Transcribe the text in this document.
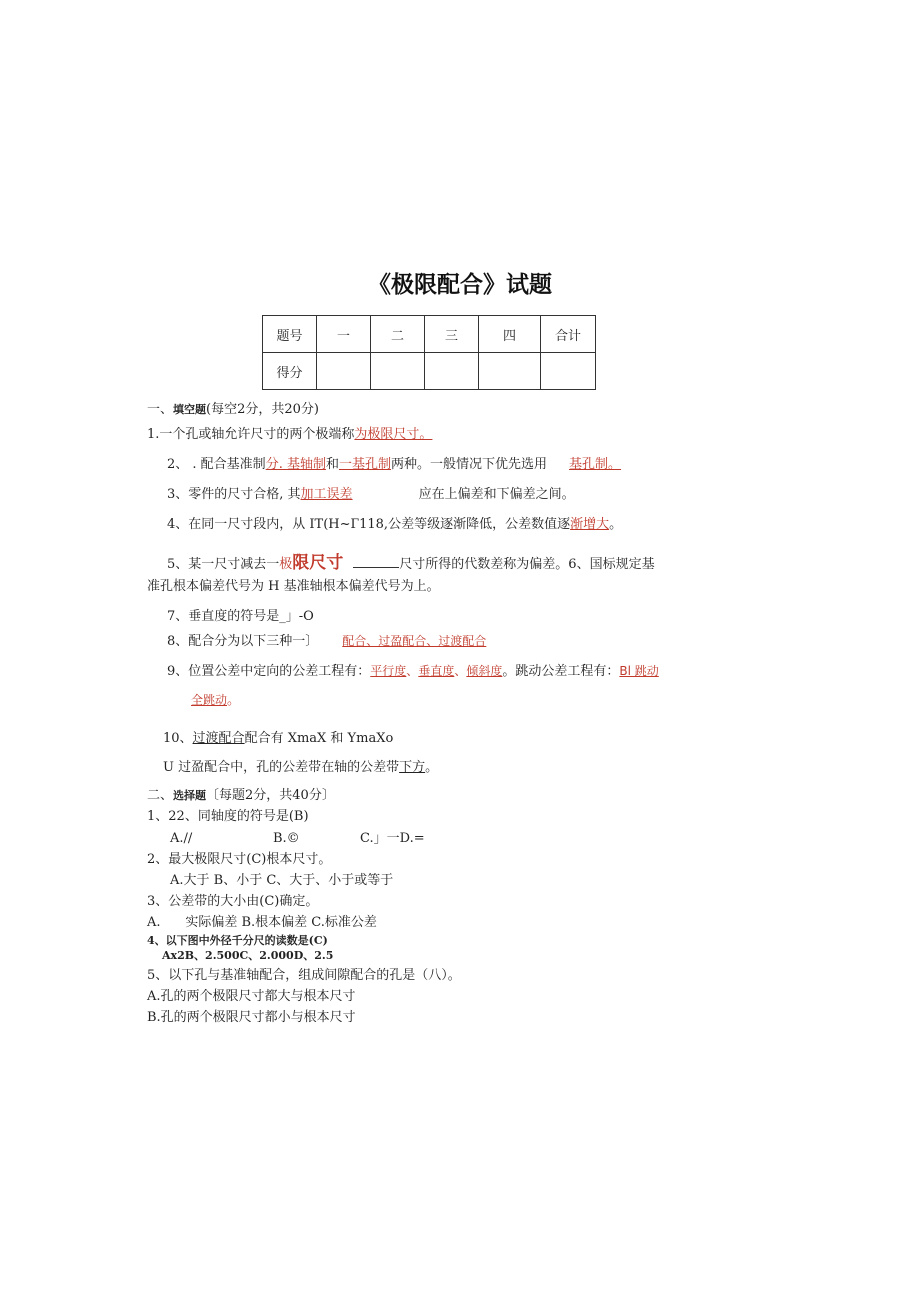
《极限配合》试题
题号	一	二	三	四	合计
得分					
一、填空题(每空2分，共20分)
1.一个孔或轴允许尺寸的两个极端称为极限尺寸。
2、 . 配合基准制分. 基轴制和一基孔制两种。一般情况下优先选用 基孔制。
3、零件的尺寸合格, 其加工误差	应在上偏差和下偏差之间。
4、在同一尺寸段内，从 IT(H~Г118,公差等级逐渐降低，公差数值逐渐增大。
5、某一尺寸减去一极限尺寸	尺寸所得的代数差称为偏差。6、国标规定基
准孔根本偏差代号为 H 基准轴根本偏差代号为上。
7、垂直度的符号是_」-O
8、配合分为以下三种一〕 配合、过盈配合、过渡配合
9、位置公差中定向的公差工程有：平行度、垂直度、倾斜度。跳动公差工程有：Bl 跳动
全跳动。
10、过渡配合配合有 XmaX 和 YmaXo
U 过盈配合中，孔的公差带在轴的公差带下方。
二、选择题〔每题2分，共40分〕
1、22、同轴度的符号是(B)
A.//	B.©	C.」一D.=
2、最大极限尺寸(C)根本尺寸。
A.大于 B、小于 C、大于、小于或等于
3、公差带的大小由(C)确定。
A.      实际偏差 B.根本偏差 C.标准公差
4、以下图中外径千分尺的读数是(C)
Ax2B、2.500C、2.000D、2.5
5、以下孔与基准轴配合，组成间隙配合的孔是（八）。
A.孔的两个极限尺寸都大与根本尺寸
B.孔的两个极限尺寸都小与根本尺寸
